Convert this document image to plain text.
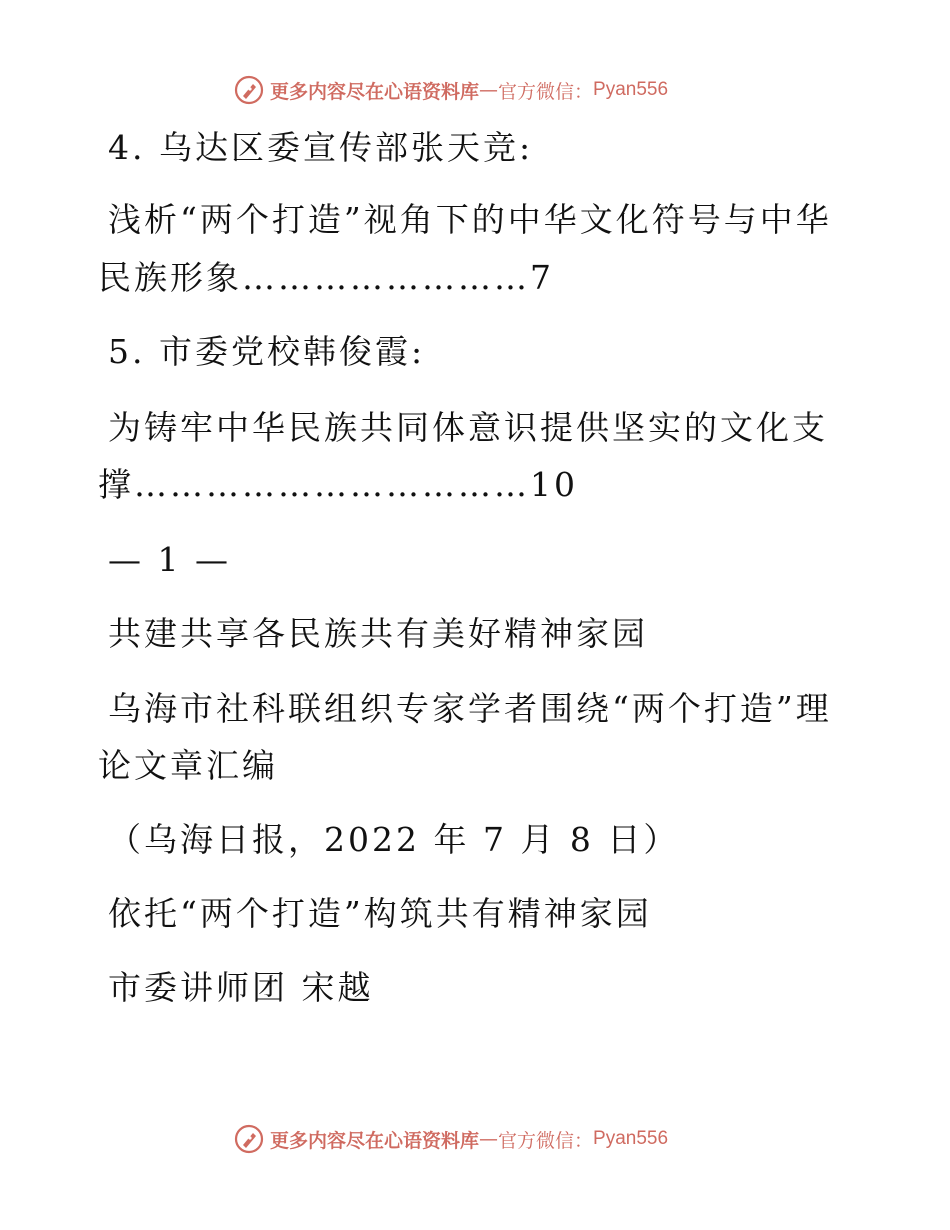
更多内容尽在心语资料库 — 官方微信： Pyan556
4. 乌达区委宣传部张天竞:
浅析“两个打造”视角下的中华文化符号与中华
民族形象……………………7
5. 市委党校韩俊霞:
为铸牢中华民族共同体意识提供坚实的文化支
撑……………………………10
— 1 —
共建共享各民族共有美好精神家园
乌海市社科联组织专家学者围绕“两个打造”理
论文章汇编
（乌海日报，2022 年 7 月 8 日）
依托“两个打造”构筑共有精神家园
市委讲师团 宋越
更多内容尽在心语资料库 — 官方微信： Pyan556
